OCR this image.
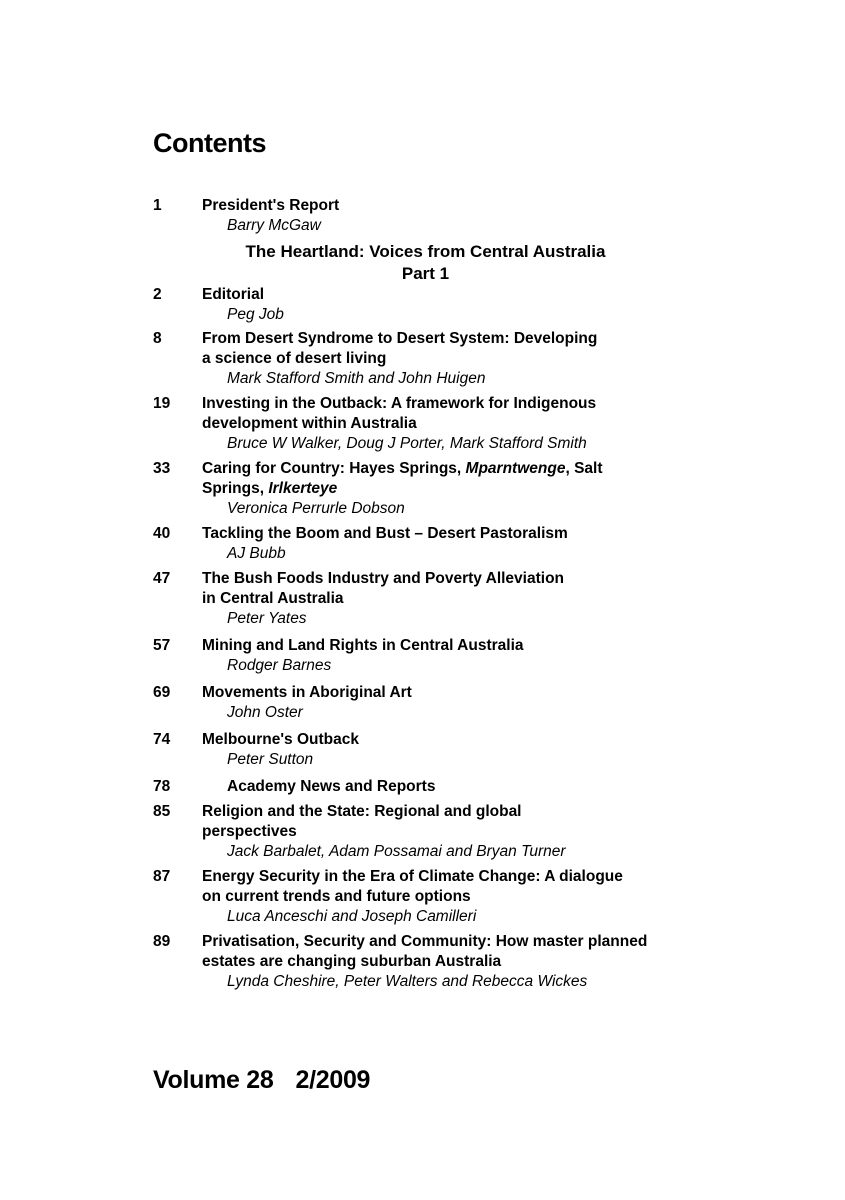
Contents
1	President's Report
Barry McGaw
The Heartland: Voices from Central Australia
Part 1
2	Editorial
Peg Job
8	From Desert Syndrome to Desert System: Developing
a science of desert living
Mark Stafford Smith and John Huigen
19	Investing in the Outback: A framework for Indigenous
development within Australia
Bruce W Walker, Doug J Porter, Mark Stafford Smith
33	Caring for Country: Hayes Springs, Mparntwenge, Salt
Springs, Irlkerteye
Veronica Perrurle Dobson
40	Tackling the Boom and Bust – Desert Pastoralism
AJ Bubb
47	The Bush Foods Industry and Poverty Alleviation
in Central Australia
Peter Yates
57	Mining and Land Rights in Central Australia
Rodger Barnes
69	Movements in Aboriginal Art
John Oster
74	Melbourne's Outback
Peter Sutton
78	Academy News and Reports
85	Religion and the State: Regional and global
perspectives
Jack Barbalet, Adam Possamai and Bryan Turner
87	Energy Security in the Era of Climate Change: A dialogue
on current trends and future options
Luca Anceschi and Joseph Camilleri
89	Privatisation, Security and Community: How master planned
estates are changing suburban Australia
Lynda Cheshire, Peter Walters and Rebecca Wickes
Volume 28 2/2009
